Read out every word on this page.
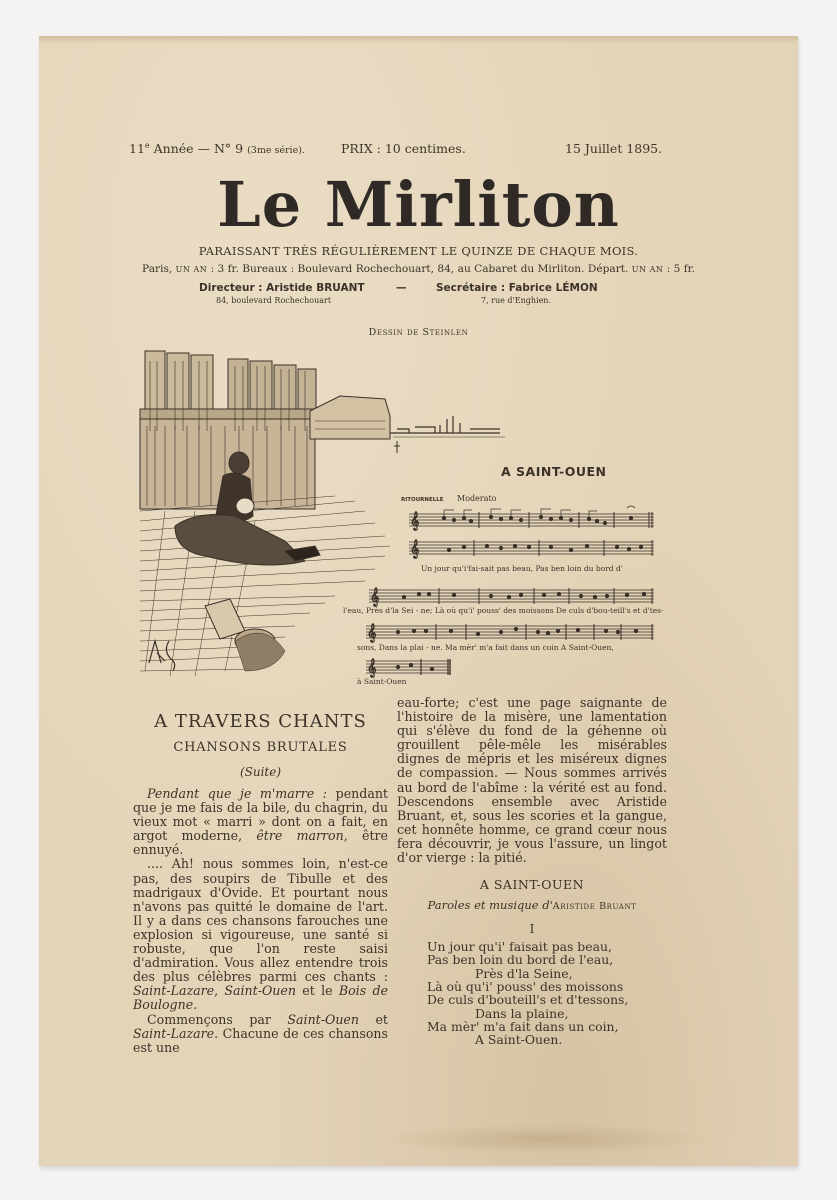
11e Année — N° 9 (3me série).	PRIX : 10 centimes.	15 Juillet 1895.
Le Mirliton
PARAISSANT TRÈS RÉGULIÈREMENT LE QUINZE DE CHAQUE MOIS.
Paris, UN AN : 3 fr. Bureaux : Boulevard Rochechouart, 84, au Cabaret du Mirliton. Départ. UN AN : 5 fr.
Directeur : Aristide BRUANT	—	Secrétaire : Fabrice LÉMON
84, boulevard Rochechouart	7, rue d'Enghien.
Dessin de Steinlen
A SAINT-OUEN
RITOURNELLE Moderato
𝄞
𝄞
𝄞
𝄞
𝄞
Un jour qu'i'fai-sait pas beau, Pas ben loin du bord d'
l'eau, Près d'la Sei - ne; Là où qu'i' pouss' des moissons De culs d'bou-teill's et d'tes-
sons, Dans la plai - ne. Ma mèr' m'a fait dans un coin A Saint-Ouen,
à Saint-Ouen
A TRAVERS CHANTS
CHANSONS BRUTALES
(Suite)

Pendant que je m'marre : pendant que je me fais de la bile, du chagrin, du vieux mot « marri » dont on a fait, en argot moderne, être marron, être ennuyé.

.... Ah! nous sommes loin, n'est-ce pas, des soupirs de Tibulle et des madrigaux d'Ovide. Et pourtant nous n'avons pas quitté le domaine de l'art. Il y a dans ces chansons farouches une explosion si vigoureuse, une santé si robuste, que l'on reste saisi d'admiration. Vous allez entendre trois des plus célèbres parmi ces chants : Saint-Lazare, Saint-Ouen et le Bois de Boulogne.

Commençons par Saint-Ouen et Saint-Lazare. Chacune de ces chansons est une

eau-forte; c'est une page saignante de l'histoire de la misère, une lamentation qui s'élève du fond de la géhenne où grouillent pêle-mêle les misérables dignes de mépris et les miséreux dignes de compassion. — Nous sommes arrivés au bord de l'abîme : la vérité est au fond. Descendons ensemble avec Aristide Bruant, et, sous les scories et la gangue, cet honnête homme, ce grand cœur nous fera découvrir, je vous l'assure, un lingot d'or vierge : la pitié.

A SAINT-OUEN
Paroles et musique d'Aristide Bruant
I
Un jour qu'i' faisait pas beau,
Pas ben loin du bord de l'eau,
Près d'la Seine,
Là où qu'i' pouss' des moissons
De culs d'bouteill's et d'tessons,
Dans la plaine,
Ma mèr' m'a fait dans un coin,
A Saint-Ouen.
